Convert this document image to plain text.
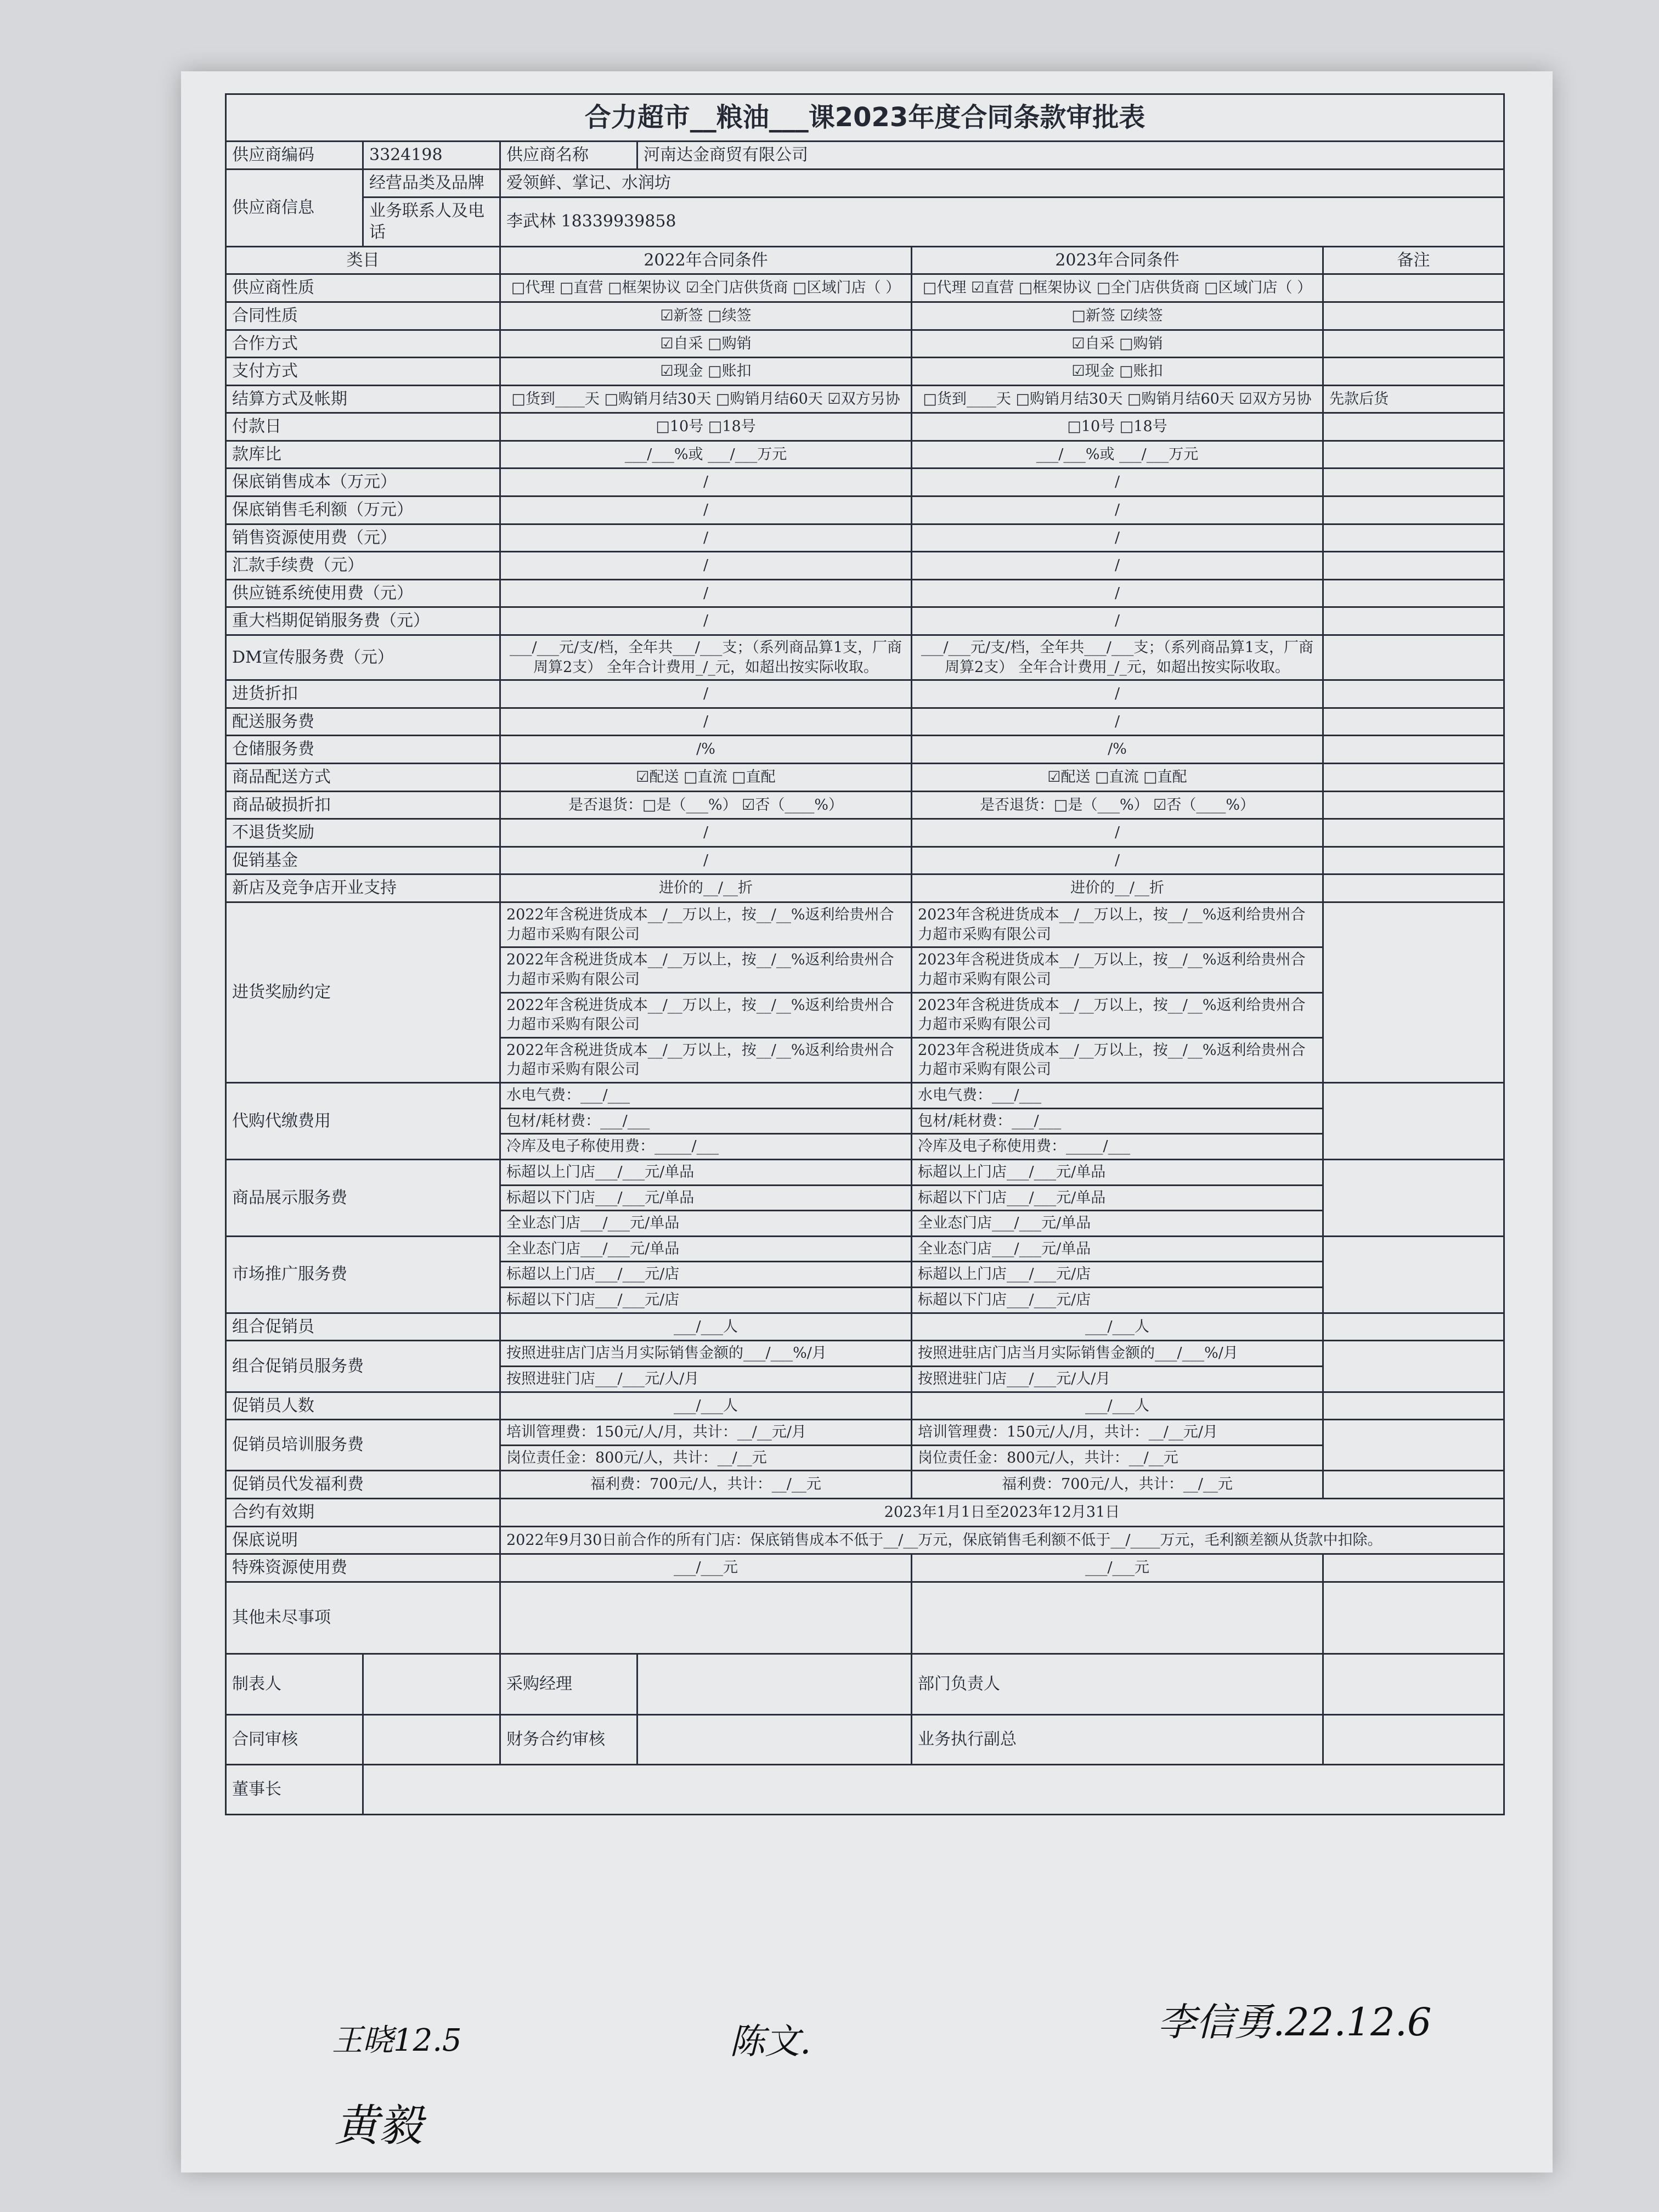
合力超市__粮油___课2023年度合同条款审批表					
供应商编码	3324198	供应商名称	河南达金商贸有限公司		
供应商信息	经营品类及品牌	爱领鲜、掌记、水润坊			
	业务联系人及电话	李武林 18339939858			
类目		2022年合同条件		2023年合同条件	备注
供应商性质		□代理 □直营 □框架协议 ☑全门店供货商 □区域门店（ ）		□代理 ☑直营 □框架协议 □全门店供货商 □区域门店（ ）	
合同性质		☑新签 □续签		□新签 ☑续签	
合作方式		☑自采 □购销		☑自采 □购销	
支付方式		☑现金 □账扣		☑现金 □账扣	
结算方式及帐期		□货到____天 □购销月结30天 □购销月结60天 ☑双方另协		□货到____天 □购销月结30天 □购销月结60天 ☑双方另协	先款后货
付款日		□10号 □18号		□10号 □18号	
款库比		___/___%或 ___/___万元		___/___%或 ___/___万元	
保底销售成本（万元）		/		/	
保底销售毛利额（万元）		/		/	
销售资源使用费（元）		/		/	
汇款手续费（元）		/		/	
供应链系统使用费（元）		/		/	
重大档期促销服务费（元）		/		/	
DM宣传服务费（元）		___/___元/支/档，全年共___/___支；（系列商品算1支，厂商周算2支） 全年合计费用_/_元，如超出按实际收取。		___/___元/支/档，全年共___/___支；（系列商品算1支，厂商周算2支） 全年合计费用_/_元，如超出按实际收取。	
进货折扣		/		/	
配送服务费		/		/	
仓储服务费		/%		/%	
商品配送方式		☑配送 □直流 □直配		☑配送 □直流 □直配	
商品破损折扣		是否退货：□是（___%） ☑否（____%）		是否退货：□是（___%） ☑否（____%）	
不退货奖励		/		/	
促销基金		/		/	
新店及竞争店开业支持		进价的__/__折		进价的__/__折	
进货奖励约定		2022年含税进货成本__/__万以上，按__/__%返利给贵州合力超市采购有限公司		2023年含税进货成本__/__万以上，按__/__%返利给贵州合力超市采购有限公司	
		2022年含税进货成本__/__万以上，按__/__%返利给贵州合力超市采购有限公司		2023年含税进货成本__/__万以上，按__/__%返利给贵州合力超市采购有限公司	
		2022年含税进货成本__/__万以上，按__/__%返利给贵州合力超市采购有限公司		2023年含税进货成本__/__万以上，按__/__%返利给贵州合力超市采购有限公司	
		2022年含税进货成本__/__万以上，按__/__%返利给贵州合力超市采购有限公司		2023年含税进货成本__/__万以上，按__/__%返利给贵州合力超市采购有限公司	
代购代缴费用		水电气费：___/___		水电气费：___/___	
		包材/耗材费：___/___		包材/耗材费：___/___	
		冷库及电子称使用费：_____/___		冷库及电子称使用费：_____/___	
商品展示服务费		标超以上门店___/___元/单品		标超以上门店___/___元/单品	
		标超以下门店___/___元/单品		标超以下门店___/___元/单品	
		全业态门店___/___元/单品		全业态门店___/___元/单品	
市场推广服务费		全业态门店___/___元/单品		全业态门店___/___元/单品	
		标超以上门店___/___元/店		标超以上门店___/___元/店	
		标超以下门店___/___元/店		标超以下门店___/___元/店	
组合促销员		___/___人		___/___人	
组合促销员服务费		按照进驻店门店当月实际销售金额的___/___%/月		按照进驻店门店当月实际销售金额的___/___%/月	
		按照进驻门店___/___元/人/月		按照进驻门店___/___元/人/月	
促销员人数		___/___人		___/___人	
促销员培训服务费		培训管理费：150元/人/月，共计：__/__元/月		培训管理费：150元/人/月，共计：__/__元/月	
		岗位责任金：800元/人，共计：__/__元		岗位责任金：800元/人，共计：__/__元	
促销员代发福利费		福利费：700元/人，共计：__/__元		福利费：700元/人，共计：__/__元	
合约有效期		2023年1月1日至2023年12月31日			
保底说明		2022年9月30日前合作的所有门店：保底销售成本不低于__/__万元，保底销售毛利额不低于__/____万元，毛利额差额从货款中扣除。			
特殊资源使用费		___/___元		___/___元	
其他未尽事项					
制表人		采购经理		部门负责人	
合同审核		财务合约审核		业务执行副总	
董事长					
王晓12.5	陈文.	李信勇.22.12.6
黄毅
